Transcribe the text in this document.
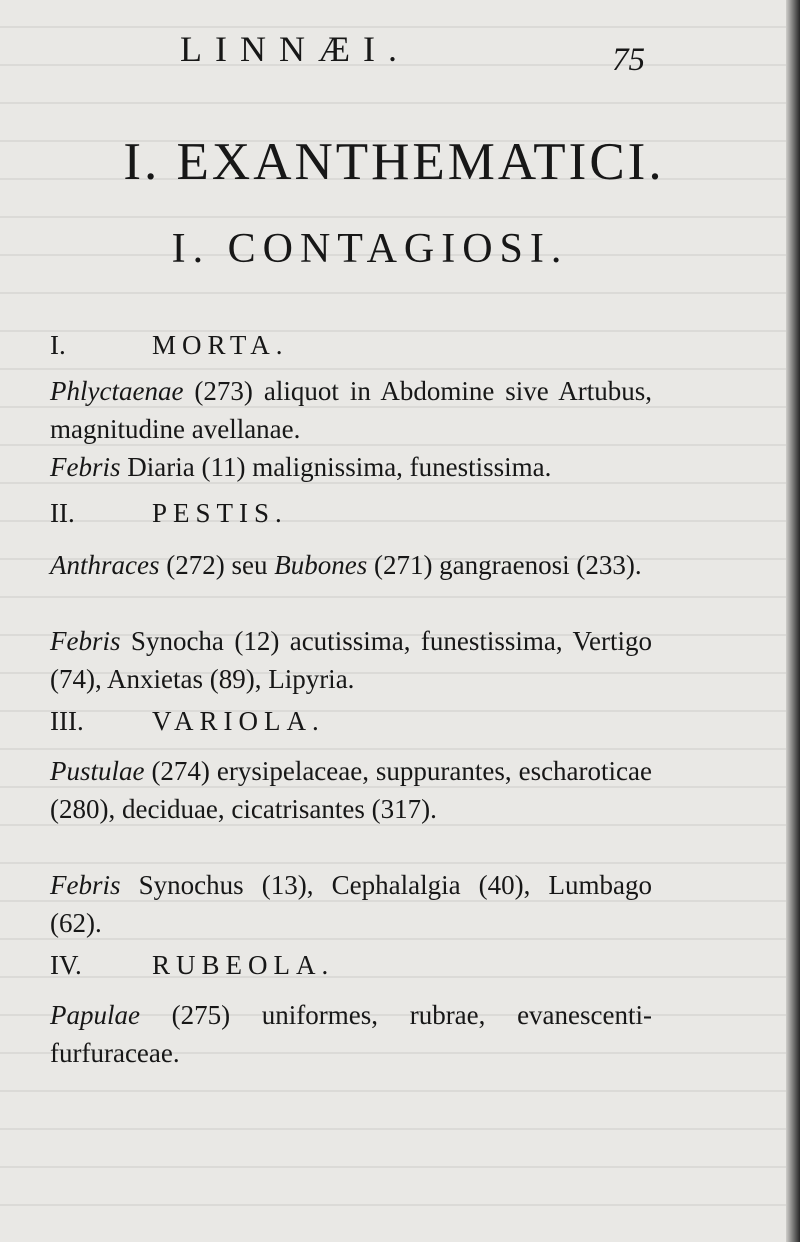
LINNÆI.	75
I. EXANTHEMATICI.
I. CONTAGIOSI.
I.	MORTA.
Phlyctaenae (273) aliquot in Abdomine sive Artubus, magnitudine avellanae.
Febris Diaria (11) malignissima, funestissima.
II.	PESTIS.
Anthraces (272) seu Bubones (271) gangraenosi (233).
Febris Synocha (12) acutissima, funestissima, Vertigo (74), Anxietas (89), Lipyria.
III.	VARIOLA.
Pustulae (274) erysipelaceae, suppurantes, escharoticae (280), deciduae, cicatrisantes (317).
Febris Synochus (13), Cephalalgia (40), Lumbago (62).
IV.	RUBEOLA.
Papulae (275) uniformes, rubrae, evanescenti-furfuraceae.
